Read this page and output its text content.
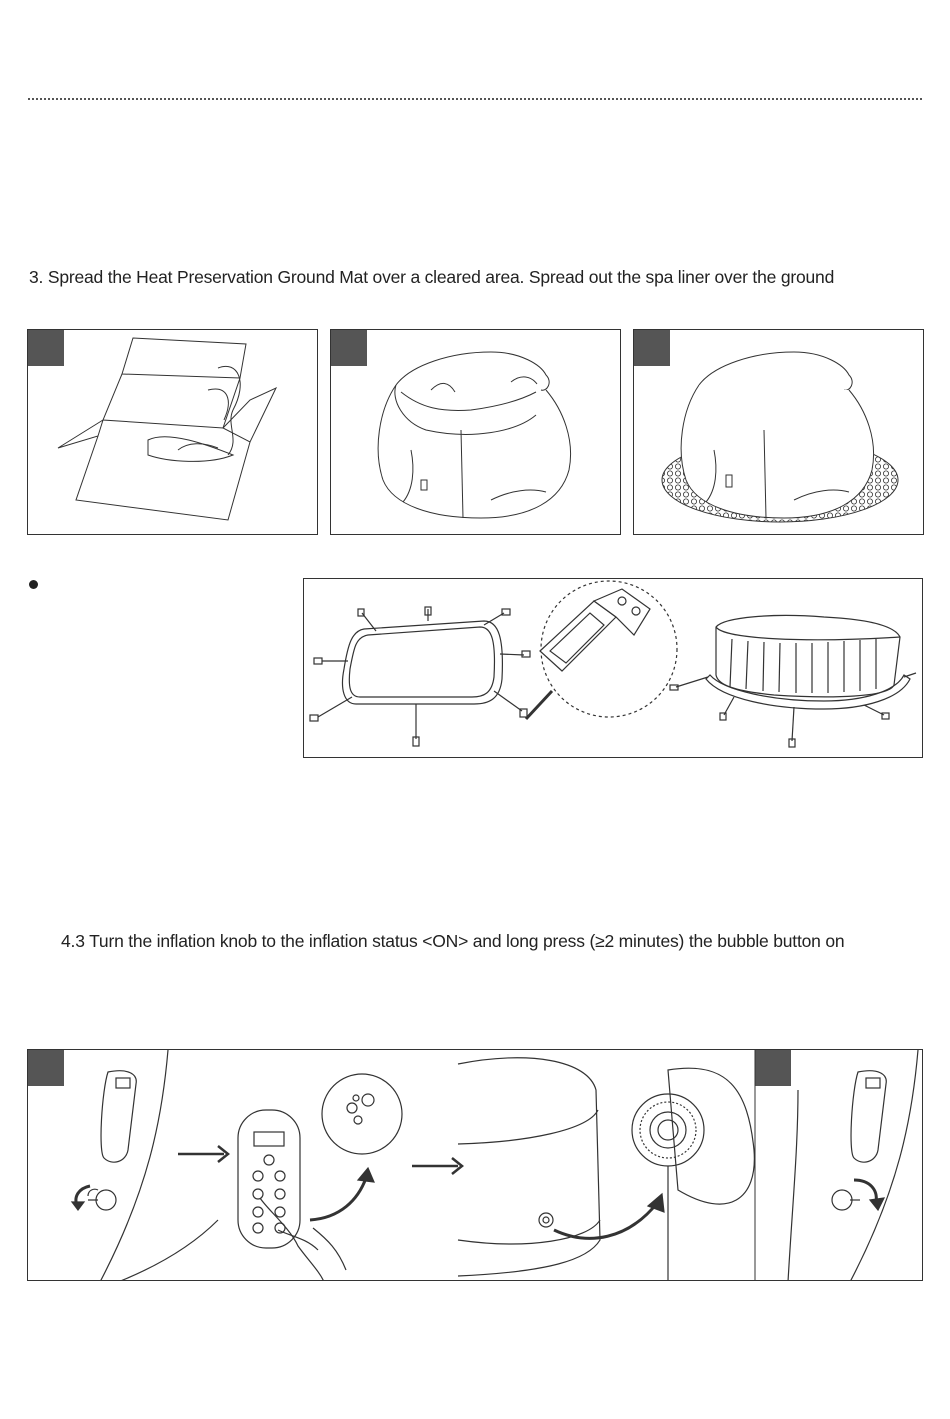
3. Spread the Heat Preservation Ground Mat over a cleared area. Spread out the spa liner over the ground
4.3 Turn the inflation knob to the inflation status <ON> and long press (≥2 minutes) the bubble button on
